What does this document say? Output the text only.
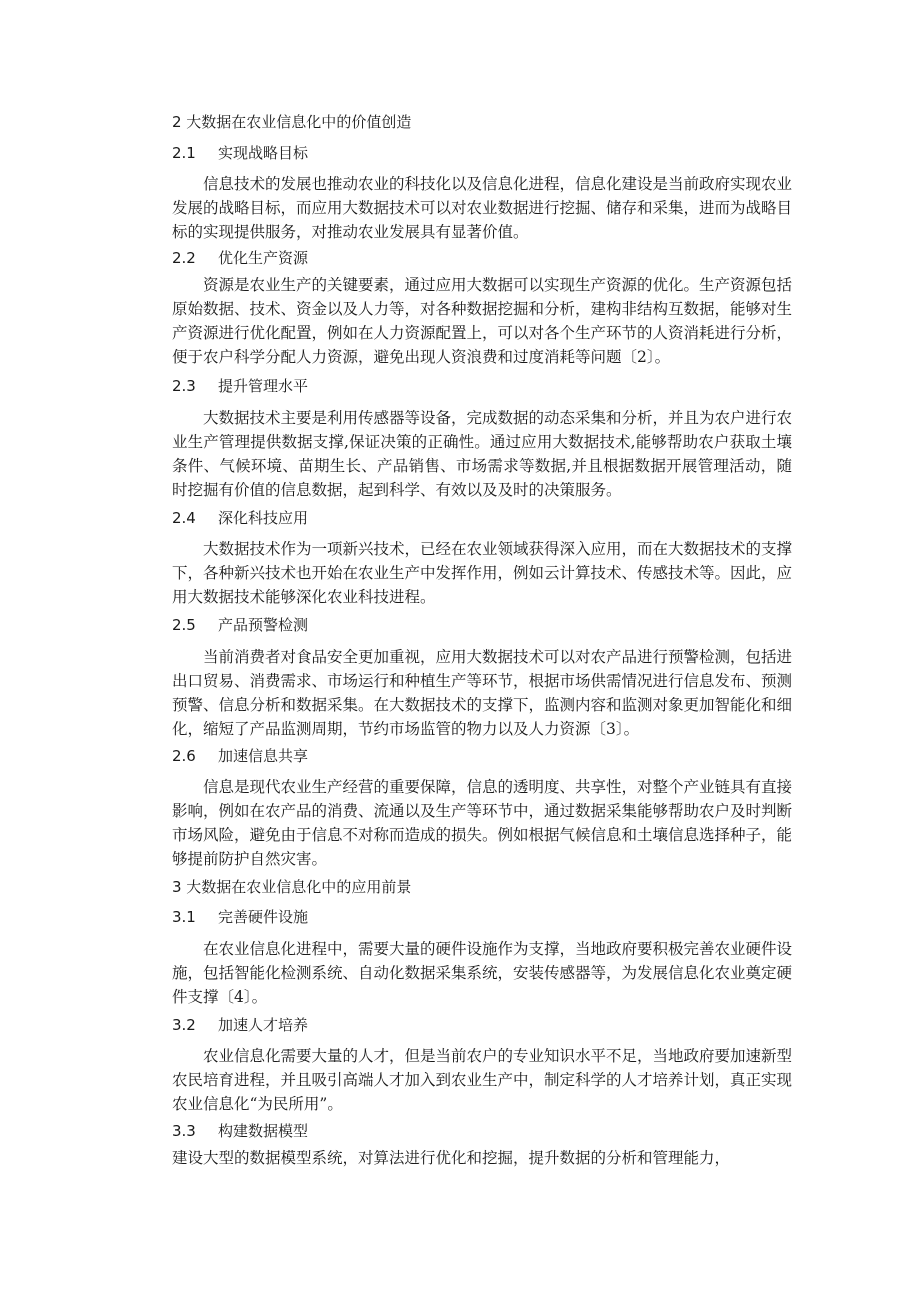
2 大数据在农业信息化中的价值创造
2.1 实现战略目标
信息技术的发展也推动农业的科技化以及信息化进程，信息化建设是当前政府实现农业发展的战略目标，而应用大数据技术可以对农业数据进行挖掘、储存和采集，进而为战略目标的实现提供服务，对推动农业发展具有显著价值。
2.2 优化生产资源
资源是农业生产的关键要素，通过应用大数据可以实现生产资源的优化。生产资源包括原始数据、技术、资金以及人力等，对各种数据挖掘和分析，建构非结构互数据，能够对生产资源进行优化配置，例如在人力资源配置上，可以对各个生产环节的人资消耗进行分析，便于农户科学分配人力资源，避免出现人资浪费和过度消耗等问题〔2〕。
2.3 提升管理水平
大数据技术主要是利用传感器等设备，完成数据的动态采集和分析，并且为农户进行农业生产管理提供数据支撑,保证决策的正确性。通过应用大数据技术,能够帮助农户获取土壤条件、气候环境、苗期生长、产品销售、市场需求等数据,并且根据数据开展管理活动，随时挖掘有价值的信息数据，起到科学、有效以及及时的决策服务。
2.4 深化科技应用
大数据技术作为一项新兴技术，已经在农业领域获得深入应用，而在大数据技术的支撑下，各种新兴技术也开始在农业生产中发挥作用，例如云计算技术、传感技术等。因此，应用大数据技术能够深化农业科技进程。
2.5 产品预警检测
当前消费者对食品安全更加重视，应用大数据技术可以对农产品进行预警检测，包括进出口贸易、消费需求、市场运行和种植生产等环节，根据市场供需情况进行信息发布、预测预警、信息分析和数据采集。在大数据技术的支撑下，监测内容和监测对象更加智能化和细化，缩短了产品监测周期，节约市场监管的物力以及人力资源〔3〕。
2.6 加速信息共享
信息是现代农业生产经营的重要保障，信息的透明度、共享性，对整个产业链具有直接影响，例如在农产品的消费、流通以及生产等环节中，通过数据采集能够帮助农户及时判断市场风险，避免由于信息不对称而造成的损失。例如根据气候信息和土壤信息选择种子，能够提前防护自然灾害。
3 大数据在农业信息化中的应用前景
3.1 完善硬件设施
在农业信息化进程中，需要大量的硬件设施作为支撑，当地政府要积极完善农业硬件设施，包括智能化检测系统、自动化数据采集系统，安装传感器等，为发展信息化农业奠定硬件支撑〔4〕。
3.2 加速人才培养
农业信息化需要大量的人才，但是当前农户的专业知识水平不足，当地政府要加速新型农民培育进程，并且吸引高端人才加入到农业生产中，制定科学的人才培养计划，真正实现农业信息化“为民所用”。
3.3 构建数据模型
建设大型的数据模型系统，对算法进行优化和挖掘，提升数据的分析和管理能力，
